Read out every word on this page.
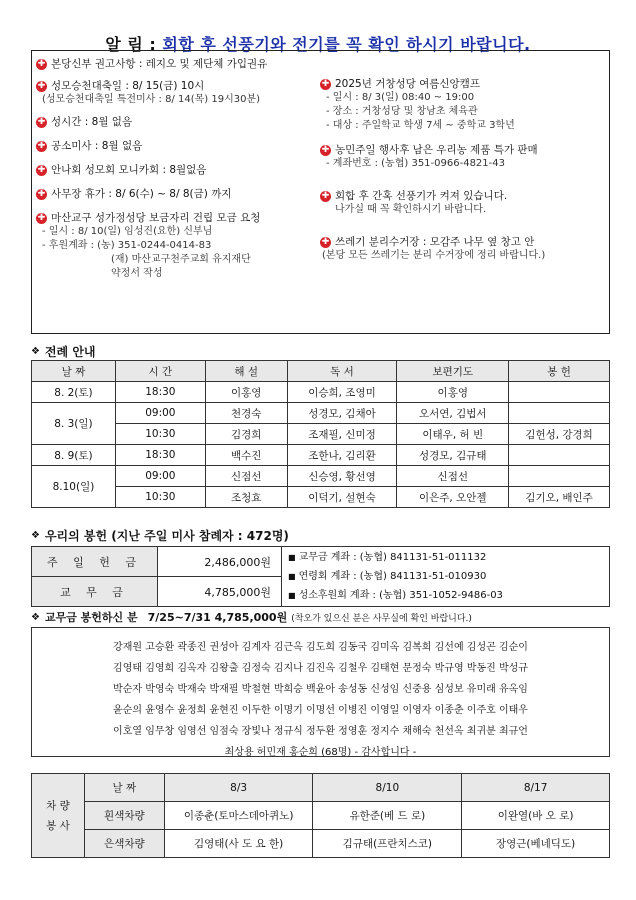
알 림 : 회합 후 선풍기와 전기를 꼭 확인 하시기 바랍니다.
✚ 본당신부 권고사항 : 레지오 및 제단체 가입권유
✚ 성모승천대축일 : 8/ 15(금) 10시
(성모승천대축일 특전미사 : 8/ 14(목) 19시30분)
✚ 성시간 : 8월 없음
✚ 공소미사 : 8월 없음
✚ 안나회 성모회 모니카회 : 8월없음
✚ 사무장 휴가 : 8/ 6(수) ~ 8/ 8(금) 까지
✚ 마산교구 성가정성당 보금자리 건립 모금 요청
- 일시 : 8/ 10(일) 임성진(요한) 신부님
- 후원계좌 : (농) 351-0244-0414-83
(재) 마산교구천주교회 유지재단
약정서 작성
✚ 2025년 거창성당 여름신앙캠프
- 일시 : 8/ 3(일) 08:40 ~ 19:00
- 장소 : 거창성당 및 창남초 체육관
- 대상 : 주일학교 학생 7세 ~ 중학교 3학년
✚ 농민주일 행사후 남은 우리농 제품 특가 판매
- 계좌번호 : (농협) 351-0966-4821-43
✚ 회합 후 간혹 선풍기가 켜져 있습니다.
나가실 때 꼭 확인하시기 바랍니다.
✚ 쓰레기 분리수거장 : 모감주 나무 옆 창고 안
(본당 모든 쓰레기는 분리 수거장에 정리 바랍니다.)
❖ 전례 안내
날 짜	시 간	해 설	독 서	보편기도	봉 헌
8. 2(토)	18:30	이홍영	이승희, 조영미	이홍영	
8. 3(일)	09:00	천경숙	성경모, 김채아	오서연, 김법서	
	10:30	김경희	조재필, 신미정	이태우, 허 빈	김헌성, 강경희
8. 9(토)	18:30	백수진	조한나, 김리환	성경모, 김규태	
8.10(일)	09:00	신점선	신승영, 황선영	신점선	
	10:30	조청효	이덕기, 설현숙	이은주, 오안젤	김기오, 배인주
❖ 우리의 봉헌 (지난 주일 미사 참례자 : 472명)
주 일 헌 금	2,486,000원	■ 교무금 계좌 : (농협) 841131-51-011132
■ 연령회 계좌 : (농협) 841131-51-010930
■ 성소후원회 계좌 : (농협) 351-1052-9486-03

교 무 금	4,785,000원	
❖ 교무금 봉헌하신 분 7/25~7/31 4,785,000원 (착오가 있으신 분은 사무실에 확인 바랍니다.)
강재원 고승환 곽종진 권성아 김계자 김근옥 김도희 김동국 김미옥 김복희 김선예 김성곤 김순이
김영태 김영희 김옥자 김왕출 김정숙 김지나 김진옥 김철우 김태현 문정숙 박규영 박동진 박성규
박순자 박영숙 박재숙 박재필 박철현 박희승 백윤아 송성동 신성임 신중용 심성보 유미래 유옥임
윤순의 윤영수 윤정희 윤현진 이두한 이명기 이명선 이병진 이영일 이영자 이종춘 이주호 이태우
이호열 임무창 임영선 임점숙 장빛나 정규식 정두환 정영훈 정지수 채해숙 천선옥 최귀분 최규언
최상용 허민재 홍순희 (68명) - 감사합니다 -
차 량
봉 사	날 짜	8/3	8/10	8/17
	흰색차량	이종춘(토마스데아퀴노)	유한준(베 드 로)	이완열(바 오 로)
	은색차량	김영태(사 도 요 한)	김규태(프란치스코)	장영근(베네딕도)
